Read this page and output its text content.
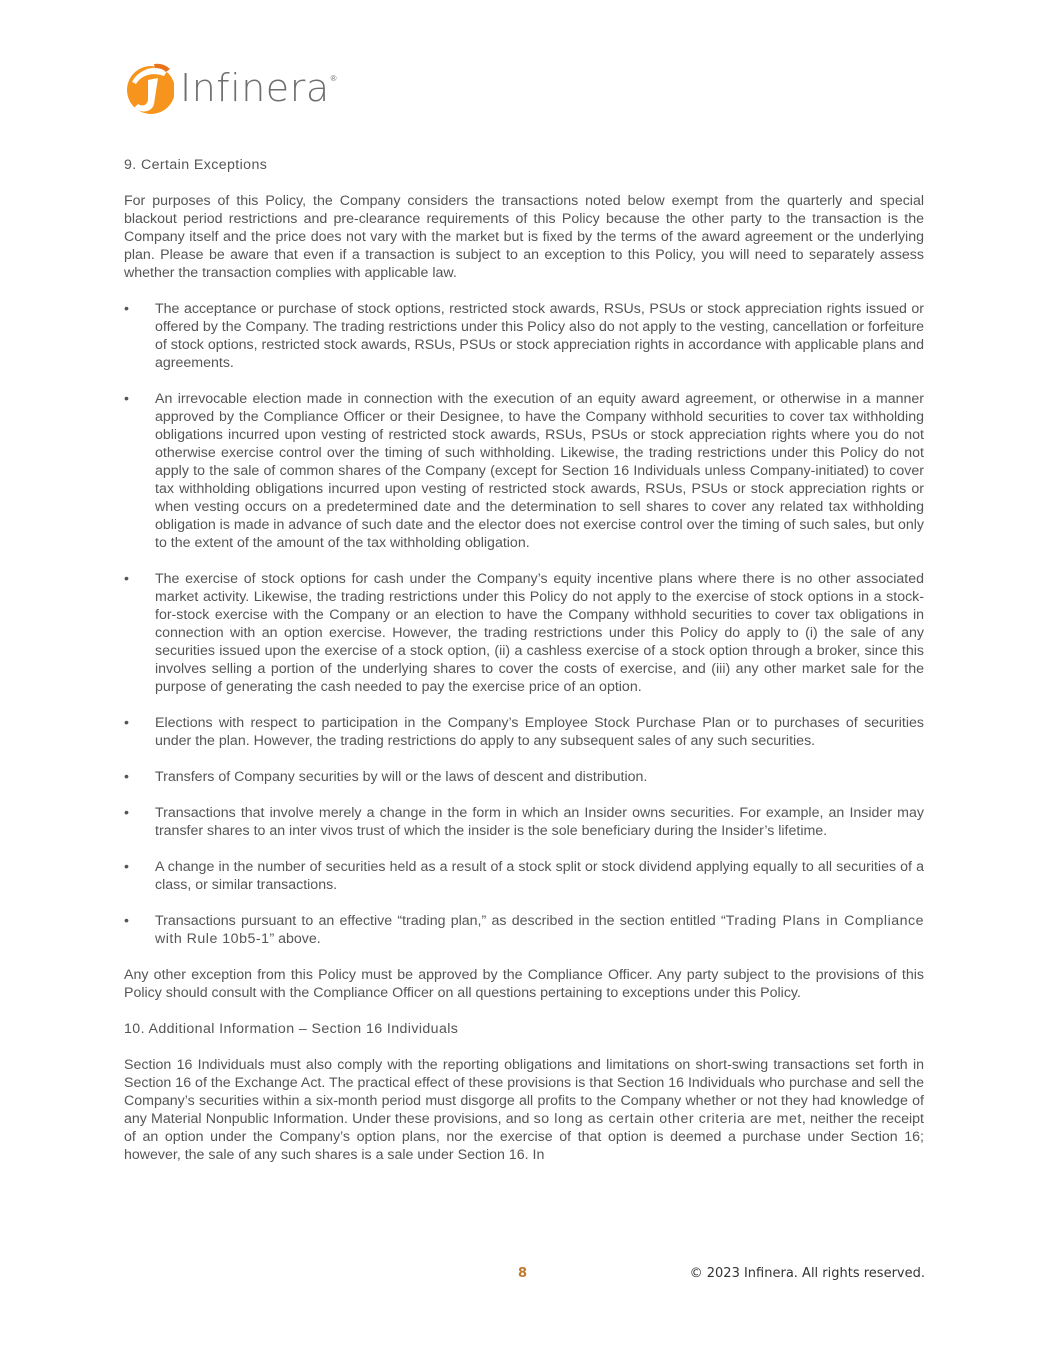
Infinera ®
9. Certain Exceptions

For purposes of this Policy, the Company considers the transactions noted below exempt from the quarterly and special blackout period restrictions and pre-clearance requirements of this Policy because the other party to the transaction is the Company itself and the price does not vary with the market but is fixed by the terms of the award agreement or the underlying plan. Please be aware that even if a transaction is subject to an exception to this Policy, you will need to separately assess whether the transaction complies with applicable law.

•	The acceptance or purchase of stock options, restricted stock awards, RSUs, PSUs or stock appreciation rights issued or offered by the Company. The trading restrictions under this Policy also do not apply to the vesting, cancellation or forfeiture of stock options, restricted stock awards, RSUs, PSUs or stock appreciation rights in accordance with applicable plans and agreements.
•	An irrevocable election made in connection with the execution of an equity award agreement, or otherwise in a manner approved by the Compliance Officer or their Designee, to have the Company withhold securities to cover tax withholding obligations incurred upon vesting of restricted stock awards, RSUs, PSUs or stock appreciation rights where you do not otherwise exercise control over the timing of such withholding. Likewise, the trading restrictions under this Policy do not apply to the sale of common shares of the Company (except for Section 16 Individuals unless Company-initiated) to cover tax withholding obligations incurred upon vesting of restricted stock awards, RSUs, PSUs or stock appreciation rights or when vesting occurs on a predetermined date and the determination to sell shares to cover any related tax withholding obligation is made in advance of such date and the elector does not exercise control over the timing of such sales, but only to the extent of the amount of the tax withholding obligation.
•	The exercise of stock options for cash under the Company’s equity incentive plans where there is no other associated market activity. Likewise, the trading restrictions under this Policy do not apply to the exercise of stock options in a stock-for-stock exercise with the Company or an election to have the Company withhold securities to cover tax obligations in connection with an option exercise. However, the trading restrictions under this Policy do apply to (i) the sale of any securities issued upon the exercise of a stock option, (ii) a cashless exercise of a stock option through a broker, since this involves selling a portion of the underlying shares to cover the costs of exercise, and (iii) any other market sale for the purpose of generating the cash needed to pay the exercise price of an option.
•	Elections with respect to participation in the Company’s Employee Stock Purchase Plan or to purchases of securities under the plan. However, the trading restrictions do apply to any subsequent sales of any such securities.
•	Transfers of Company securities by will or the laws of descent and distribution.
•	Transactions that involve merely a change in the form in which an Insider owns securities. For example, an Insider may transfer shares to an inter vivos trust of which the insider is the sole beneficiary during the Insider’s lifetime.
•	A change in the number of securities held as a result of a stock split or stock dividend applying equally to all securities of a class, or similar transactions.
•	Transactions pursuant to an effective “trading plan,” as described in the section entitled “Trading Plans in Compliance with Rule 10b5-1” above.

Any other exception from this Policy must be approved by the Compliance Officer. Any party subject to the provisions of this Policy should consult with the Compliance Officer on all questions pertaining to exceptions under this Policy.

10. Additional Information – Section 16 Individuals

Section 16 Individuals must also comply with the reporting obligations and limitations on short-swing transactions set forth in Section 16 of the Exchange Act. The practical effect of these provisions is that Section 16 Individuals who purchase and sell the Company’s securities within a six-month period must disgorge all profits to the Company whether or not they had knowledge of any Material Nonpublic Information. Under these provisions, and so long as certain other criteria are met, neither the receipt of an option under the Company’s option plans, nor the exercise of that option is deemed a purchase under Section 16; however, the sale of any such shares is a sale under Section 16. In

8	© 2023 Infinera. All rights reserved.
